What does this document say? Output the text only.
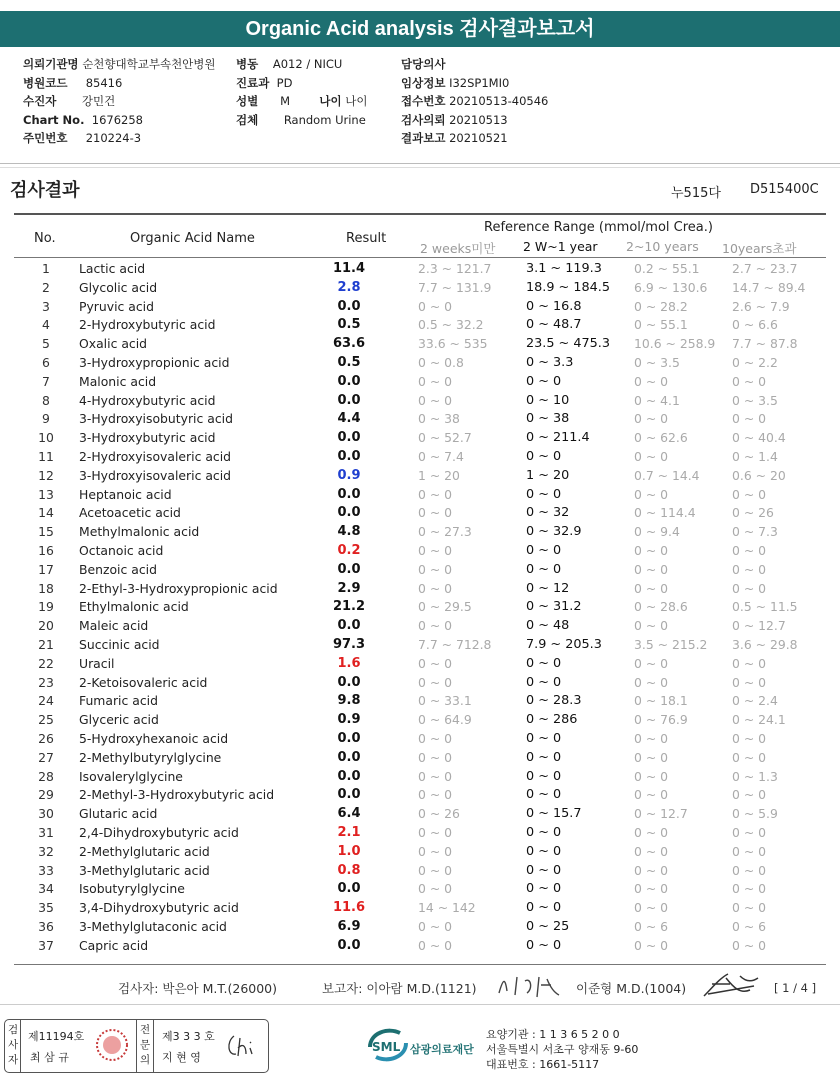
Organic Acid analysis 검사결과보고서
의뢰기관명 순천향대학교부속천안병원
병원코드 85416
수진자 강민건
Chart No. 1676258
주민번호 210224-3
병동 A012 / NICU
진료과 PD
성별 M	나이 나이
검체 Random Urine
담당의사
임상정보 I32SP1MI0
접수번호 20210513-40546
검사의뢰 20210513
결과보고 20210521
검사결과	누515다 D515400C
No.	Organic Acid Name	Result
Reference Range (mmol/mol Crea.)
2 weeks미만 2 W~1 year 2~10 years 10years초과
1	Lactic acid	11.4	2.3 ~ 121.7	3.1 ~ 119.3	0.2 ~ 55.1	2.7 ~ 23.7
2	Glycolic acid	2.8	7.7 ~ 131.9	18.9 ~ 184.5 6.9 ~ 130.6 14.7 ~ 89.4
3	Pyruvic acid	0.0	0 ~ 0	0 ~ 16.8	0 ~ 28.2	2.6 ~ 7.9
4	2-Hydroxybutyric acid	0.5	0.5 ~ 32.2	0 ~ 48.7	0 ~ 55.1	0 ~ 6.6
5	Oxalic acid	63.6	33.6 ~ 535	23.5 ~ 475.3 10.6 ~ 258.9 7.7 ~ 87.8
6	3-Hydroxypropionic acid	0.5	0 ~ 0.8	0 ~ 3.3	0 ~ 3.5	0 ~ 2.2
7	Malonic acid	0.0	0 ~ 0	0 ~ 0	0 ~ 0	0 ~ 0
8	4-Hydroxybutyric acid	0.0	0 ~ 0	0 ~ 10	0 ~ 4.1	0 ~ 3.5
9	3-Hydroxyisobutyric acid	4.4	0 ~ 38	0 ~ 38	0 ~ 0	0 ~ 0
10	3-Hydroxybutyric acid	0.0	0 ~ 52.7	0 ~ 211.4	0 ~ 62.6	0 ~ 40.4
11	2-Hydroxyisovaleric acid	0.0	0 ~ 7.4	0 ~ 0	0 ~ 0	0 ~ 1.4
12	3-Hydroxyisovaleric acid	0.9	1 ~ 20	1 ~ 20	0.7 ~ 14.4	0.6 ~ 20
13	Heptanoic acid	0.0	0 ~ 0	0 ~ 0	0 ~ 0	0 ~ 0
14	Acetoacetic acid	0.0	0 ~ 0	0 ~ 32	0 ~ 114.4	0 ~ 26
15	Methylmalonic acid	4.8	0 ~ 27.3	0 ~ 32.9	0 ~ 9.4	0 ~ 7.3
16	Octanoic acid	0.2	0 ~ 0	0 ~ 0	0 ~ 0	0 ~ 0
17	Benzoic acid	0.0	0 ~ 0	0 ~ 0	0 ~ 0	0 ~ 0
18	2-Ethyl-3-Hydroxypropionic acid	2.9	0 ~ 0	0 ~ 12	0 ~ 0	0 ~ 0
19	Ethylmalonic acid	21.2	0 ~ 29.5	0 ~ 31.2	0 ~ 28.6	0.5 ~ 11.5
20	Maleic acid	0.0	0 ~ 0	0 ~ 48	0 ~ 0	0 ~ 12.7
21	Succinic acid	97.3	7.7 ~ 712.8	7.9 ~ 205.3	3.5 ~ 215.2 3.6 ~ 29.8
22	Uracil	1.6	0 ~ 0	0 ~ 0	0 ~ 0	0 ~ 0
23	2-Ketoisovaleric acid	0.0	0 ~ 0	0 ~ 0	0 ~ 0	0 ~ 0
24	Fumaric acid	9.8	0 ~ 33.1	0 ~ 28.3	0 ~ 18.1	0 ~ 2.4
25	Glyceric acid	0.9	0 ~ 64.9	0 ~ 286	0 ~ 76.9	0 ~ 24.1
26	5-Hydroxyhexanoic acid	0.0	0 ~ 0	0 ~ 0	0 ~ 0	0 ~ 0
27	2-Methylbutyrylglycine	0.0	0 ~ 0	0 ~ 0	0 ~ 0	0 ~ 0
28	Isovalerylglycine	0.0	0 ~ 0	0 ~ 0	0 ~ 0	0 ~ 1.3
29	2-Methyl-3-Hydroxybutyric acid	0.0	0 ~ 0	0 ~ 0	0 ~ 0	0 ~ 0
30	Glutaric acid	6.4	0 ~ 26	0 ~ 15.7	0 ~ 12.7	0 ~ 5.9
31	2,4-Dihydroxybutyric acid	2.1	0 ~ 0	0 ~ 0	0 ~ 0	0 ~ 0
32	2-Methylglutaric acid	1.0	0 ~ 0	0 ~ 0	0 ~ 0	0 ~ 0
33	3-Methylglutaric acid	0.8	0 ~ 0	0 ~ 0	0 ~ 0	0 ~ 0
34	Isobutyrylglycine	0.0	0 ~ 0	0 ~ 0	0 ~ 0	0 ~ 0
35	3,4-Dihydroxybutyric acid	11.6	14 ~ 142	0 ~ 0	0 ~ 0	0 ~ 0
36	3-Methylglutaconic acid	6.9	0 ~ 0	0 ~ 25	0 ~ 6	0 ~ 6
37	Capric acid	0.0	0 ~ 0	0 ~ 0	0 ~ 0	0 ~ 0
검사자: 박은아 M.T.(26000)	보고자: 이아람 M.D.(1121)	이준형 M.D.(1004)	[ 1 / 4 ]
검
사
자
제11194호
최 삼 규
전
문
의
제3 3 3 호
지 현 영
SML 삼광의료재단
요양기관 : 1 1 3 6 5 2 0 0
서울특별시 서초구 양재동 9-60
대표번호 : 1661-5117
